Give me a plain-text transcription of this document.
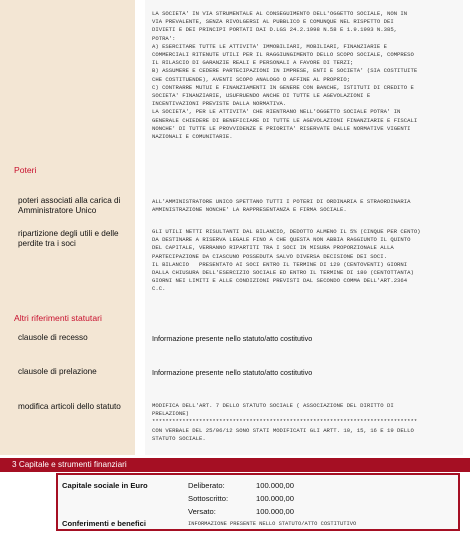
LA SOCIETA' IN VIA STRUMENTALE AL CONSEGUIMENTO DELL'OGGETTO SOCIALE, NON IN
VIA PREVALENTE, SENZA RIVOLGERSI AL PUBBLICO E COMUNQUE NEL RISPETTO DEI
DIVIETI E DEI PRINCIPI PORTATI DAI D.LGS 24.2.1998 N.58 E 1.9.1993 N.385,
POTRA':
A) ESERCITARE TUTTE LE ATTIVITA' IMMOBILIARI, MOBILIARI, FINANZIARIE E
COMMERCIALI RITENUTE UTILI PER IL RAGGIUNGIMENTO DELLO SCOPO SOCIALE, COMPRESO
IL RILASCIO DI GARANZIE REALI E PERSONALI A FAVORE DI TERZI;
B) ASSUMERE E CEDERE PARTECIPAZIONI IN IMPRESE, ENTI E SOCIETA' (SIA COSTITUITE
CHE COSTITUENDE), AVENTI SCOPO ANALOGO O AFFINE AL PROPRIO;
C) CONTRARRE MUTUI E FINANZIAMENTI IN GENERE CON BANCHE, ISTITUTI DI CREDITO E
SOCIETA' FINANZIARIE, USUFRUENDO ANCHE DI TUTTE LE AGEVOLAZIONI E
INCENTIVAZIONI PREVISTE DALLA NORMATIVA.
LA SOCIETA', PER LE ATTIVITA' CHE RIENTRANO NELL'OGGETTO SOCIALE POTRA' IN
GENERALE CHIEDERE DI BENEFICIARE DI TUTTE LE AGEVOLAZIONI FINANZIARIE E FISCALI
NONCHE' DI TUTTE LE PROVVIDENZE E PRIORITA' RISERVATE DALLE NORMATIVE VIGENTI
NAZIONALI E COMUNITARIE.
Poteri
poteri associati alla carica di Amministratore Unico
ALL'AMMINISTRATORE UNICO SPETTANO TUTTI I POTERI DI ORDINARIA E STRAORDINARIA
AMMINISTRAZIONE NONCHE' LA RAPPRESENTANZA E FIRMA SOCIALE.
ripartizione degli utili e delle perdite tra i soci
GLI UTILI NETTI RISULTANTI DAL BILANCIO, DEDOTTO ALMENO IL 5% (CINQUE PER CENTO)
DA DESTINARE A RISERVA LEGALE FINO A CHE QUESTA NON ABBIA RAGGIUNTO IL QUINTO
DEL CAPITALE, VERRANNO RIPARTITI TRA I SOCI IN MISURA PROPORZIONALE ALLA
PARTECIPAZIONE DA CIASCUNO POSSEDUTA SALVO DIVERSA DECISIONE DEI SOCI.
IL BILANCIO   PRESENTATO AI SOCI ENTRO IL TERMINE DI 120 (CENTOVENTI) GIORNI
DALLA CHIUSURA DELL'ESERCIZIO SOCIALE ED ENTRO IL TERMINE DI 180 (CENTOTTANTA)
GIORNI NEI LIMITI E ALLE CONDIZIONI PREVISTI DAL SECONDO COMMA DELL'ART.2364
C.C.
Altri riferimenti statutari
clausole di recesso	Informazione presente nello statuto/atto costitutivo
clausole di prelazione	Informazione presente nello statuto/atto costitutivo
modifica articoli dello statuto	MODIFICA DELL'ART. 7 DELLO STATUTO SOCIALE ( ASSOCIAZIONE DEL DIRITTO DI
PRELAZIONE)
*******************************************************************************
CON VERBALE DEL 25/06/12 SONO STATI MODIFICATI GLI ARTT. 10, 15, 16 E 19 DELLO
STATUTO SOCIALE.
3 Capitale e strumenti finanziari
Capitale sociale in Euro	Deliberato:	100.000,00
Sottoscritto:	100.000,00
Versato:	100.000,00
Conferimenti e benefici	INFORMAZIONE PRESENTE NELLO STATUTO/ATTO COSTITUTIVO
